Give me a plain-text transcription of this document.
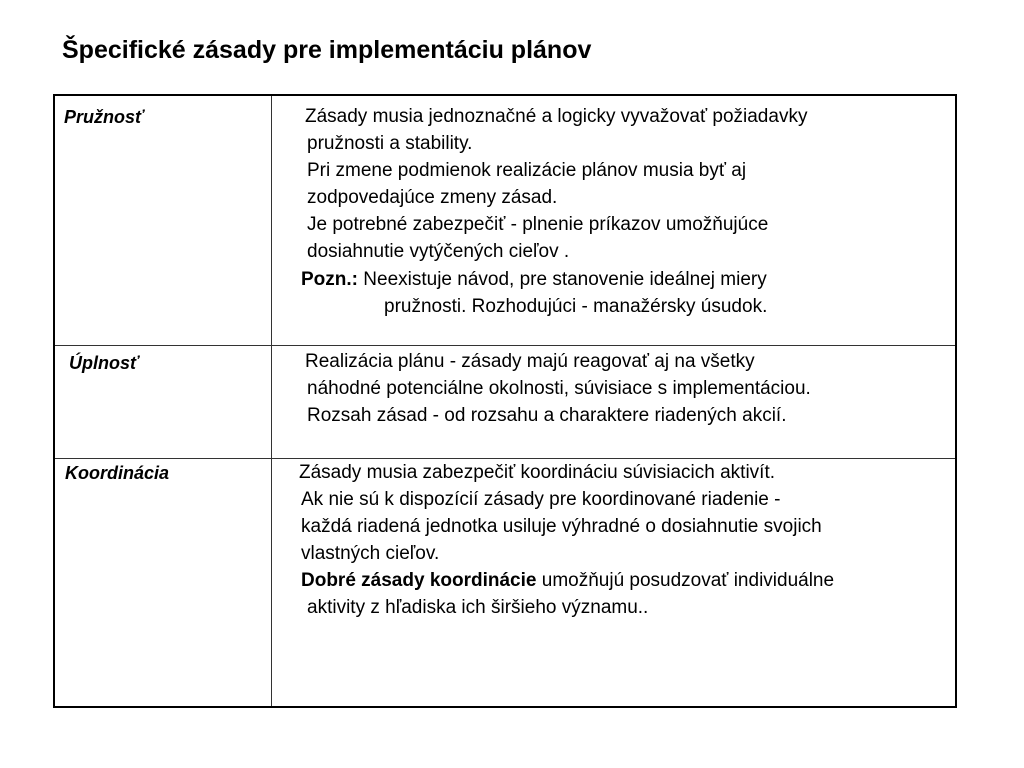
Špecifické zásady pre implementáciu plánov
Pružnosť	Zásady musia jednoznačné a logicky vyvažovať požiadavky
pružnosti a stability.
Pri zmene podmienok realizácie plánov musia byť aj
zodpovedajúce zmeny zásad.
Je potrebné zabezpečiť - plnenie príkazov umožňujúce
dosiahnutie vytýčených cieľov .
Pozn.: Neexistuje návod, pre stanovenie ideálnej miery
pružnosti. Rozhodujúci - manažérsky úsudok.
Úplnosť	Realizácia plánu - zásady majú reagovať aj na všetky
náhodné potenciálne okolnosti, súvisiace s implementáciou.
Rozsah zásad - od rozsahu a charaktere riadených akcií.
Koordinácia	Zásady musia zabezpečiť koordináciu súvisiacich aktivít.
Ak nie sú k dispozícií zásady pre koordinované riadenie -
každá riadená jednotka usiluje výhradné o dosiahnutie svojich
vlastných cieľov.
Dobré zásady koordinácie umožňujú posudzovať individuálne
aktivity z hľadiska ich širšieho významu..
